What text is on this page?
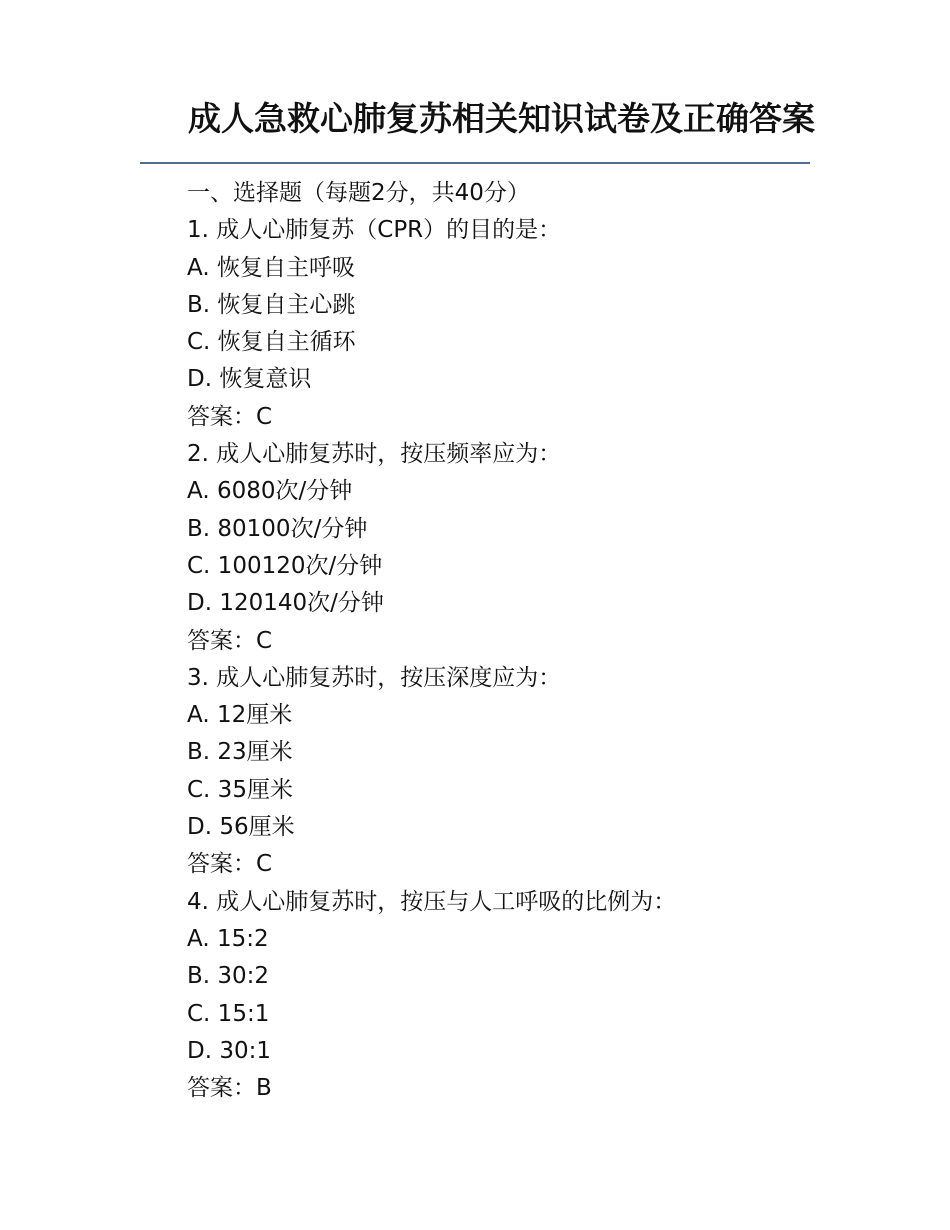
成人急救心肺复苏相关知识试卷及正确答案
一、选择题（每题2分，共40分）
1. 成人心肺复苏（CPR）的目的是：
A. 恢复自主呼吸
B. 恢复自主心跳
C. 恢复自主循环
D. 恢复意识
答案：C
2. 成人心肺复苏时，按压频率应为：
A. 6080次/分钟
B. 80100次/分钟
C. 100120次/分钟
D. 120140次/分钟
答案：C
3. 成人心肺复苏时，按压深度应为：
A. 12厘米
B. 23厘米
C. 35厘米
D. 56厘米
答案：C
4. 成人心肺复苏时，按压与人工呼吸的比例为：
A. 15:2
B. 30:2
C. 15:1
D. 30:1
答案：B
